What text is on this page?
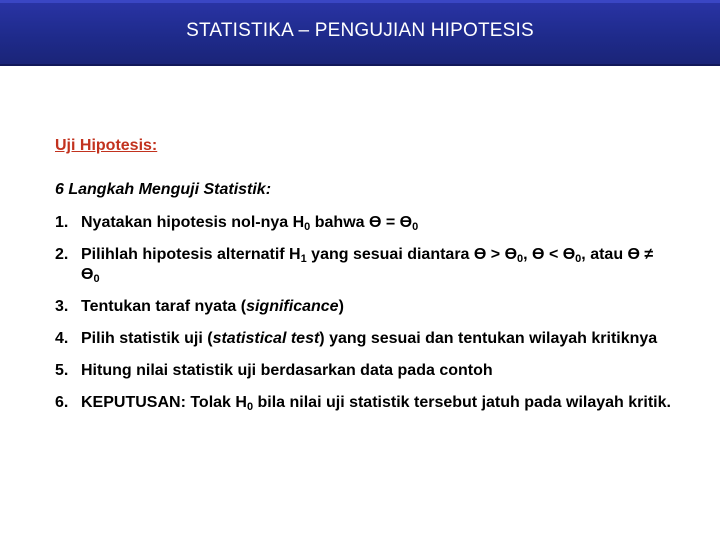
STATISTIKA – PENGUJIAN HIPOTESIS
Uji Hipotesis:
6 Langkah Menguji Statistik:
1. Nyatakan hipotesis nol-nya $H_0$ bahwa $ϴ = ϴ_0$
2. Pilihlah hipotesis alternatif $H_1$ yang sesuai diantara $ϴ > ϴ_0$, $ϴ < ϴ_0$, atau $ϴ \ne ϴ_0$
3. Tentukan taraf nyata (significance)
4. Pilih statistik uji (statistical test) yang sesuai dan tentukan wilayah kritiknya
5. Hitung nilai statistik uji berdasarkan data pada contoh
6. KEPUTUSAN: Tolak $H_0$ bila nilai uji statistik tersebut jatuh pada wilayah kritik.
